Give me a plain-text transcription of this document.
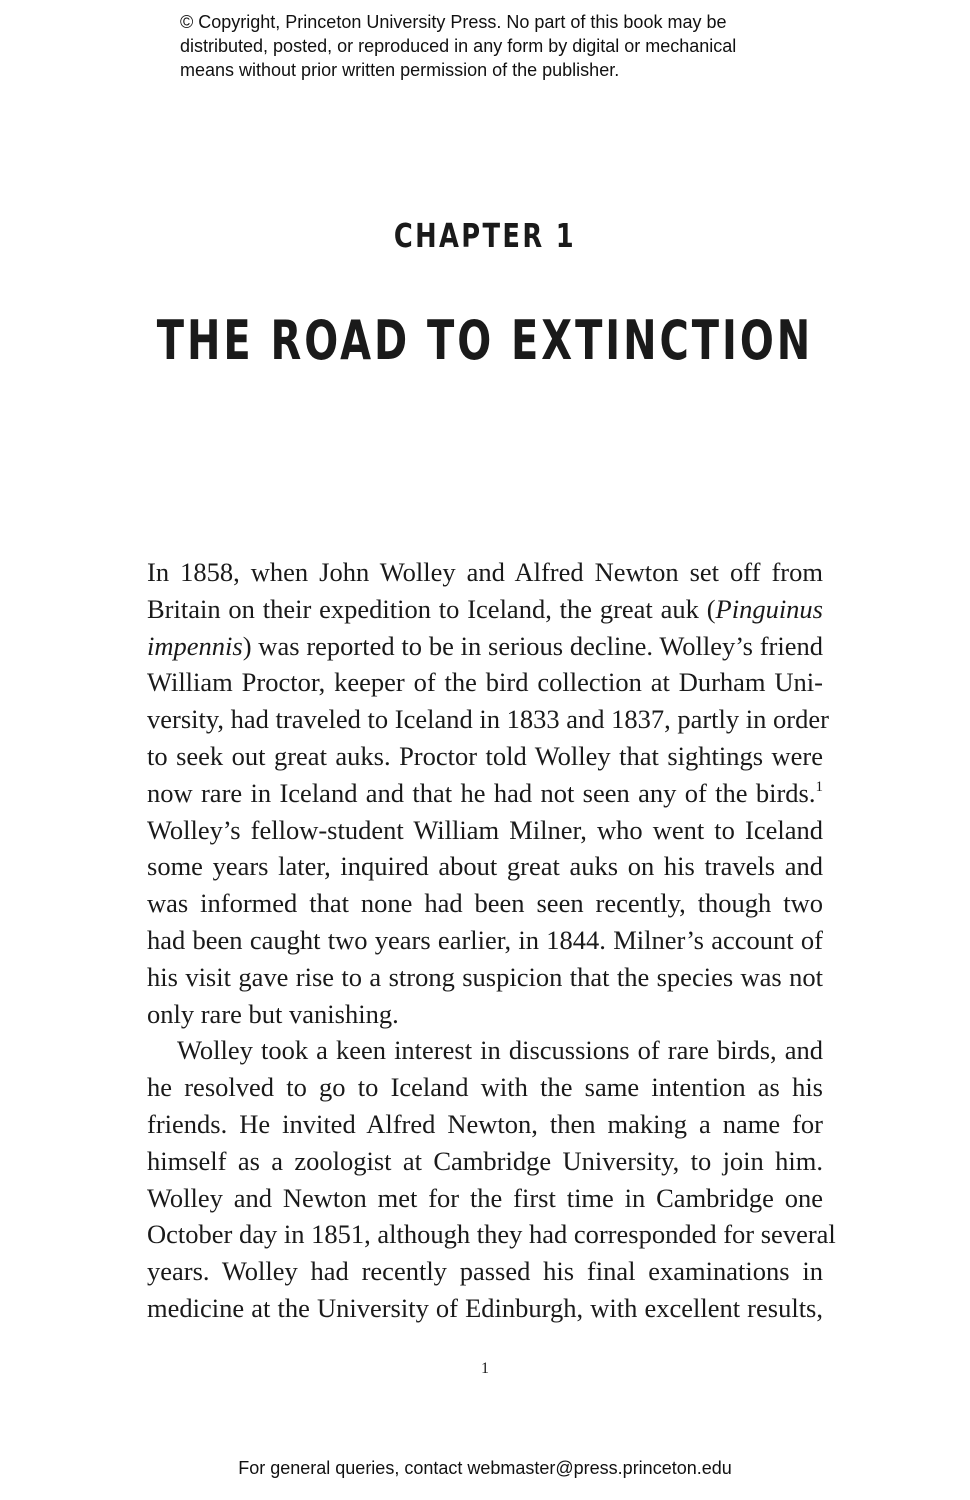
© Copyright, Princeton University Press. No part of this book may be
distributed, posted, or reproduced in any form by digital or mechanical
means without prior written permission of the publisher.
CHAPTER 1
THE ROAD TO EXTINCTION
In 1858, when John Wolley and Alfred Newton set off from
Britain on their expedition to Iceland, the great auk (Pinguinus
impennis) was reported to be in serious decline. Wolley’s friend
William Proctor, keeper of the bird collection at Durham Uni-
versity, had traveled to Iceland in 1833 and 1837, partly in order
to seek out great auks. Proctor told Wolley that sightings were
now rare in Iceland and that he had not seen any of the birds.$^1$
Wolley’s fellow-student William Milner, who went to Iceland
some years later, inquired about great auks on his travels and
was informed that none had been seen recently, though two
had been caught two years earlier, in 1844. Milner’s account of
his visit gave rise to a strong suspicion that the species was not
only rare but vanishing.
Wolley took a keen interest in discussions of rare birds, and
he resolved to go to Iceland with the same intention as his
friends. He invited Alfred Newton, then making a name for
himself as a zoologist at Cambridge University, to join him.
Wolley and Newton met for the first time in Cambridge one
October day in 1851, although they had corresponded for several
years. Wolley had recently passed his final examinations in
medicine at the University of Edinburgh, with excellent results,
1
For general queries, contact webmaster@press.princeton.edu
